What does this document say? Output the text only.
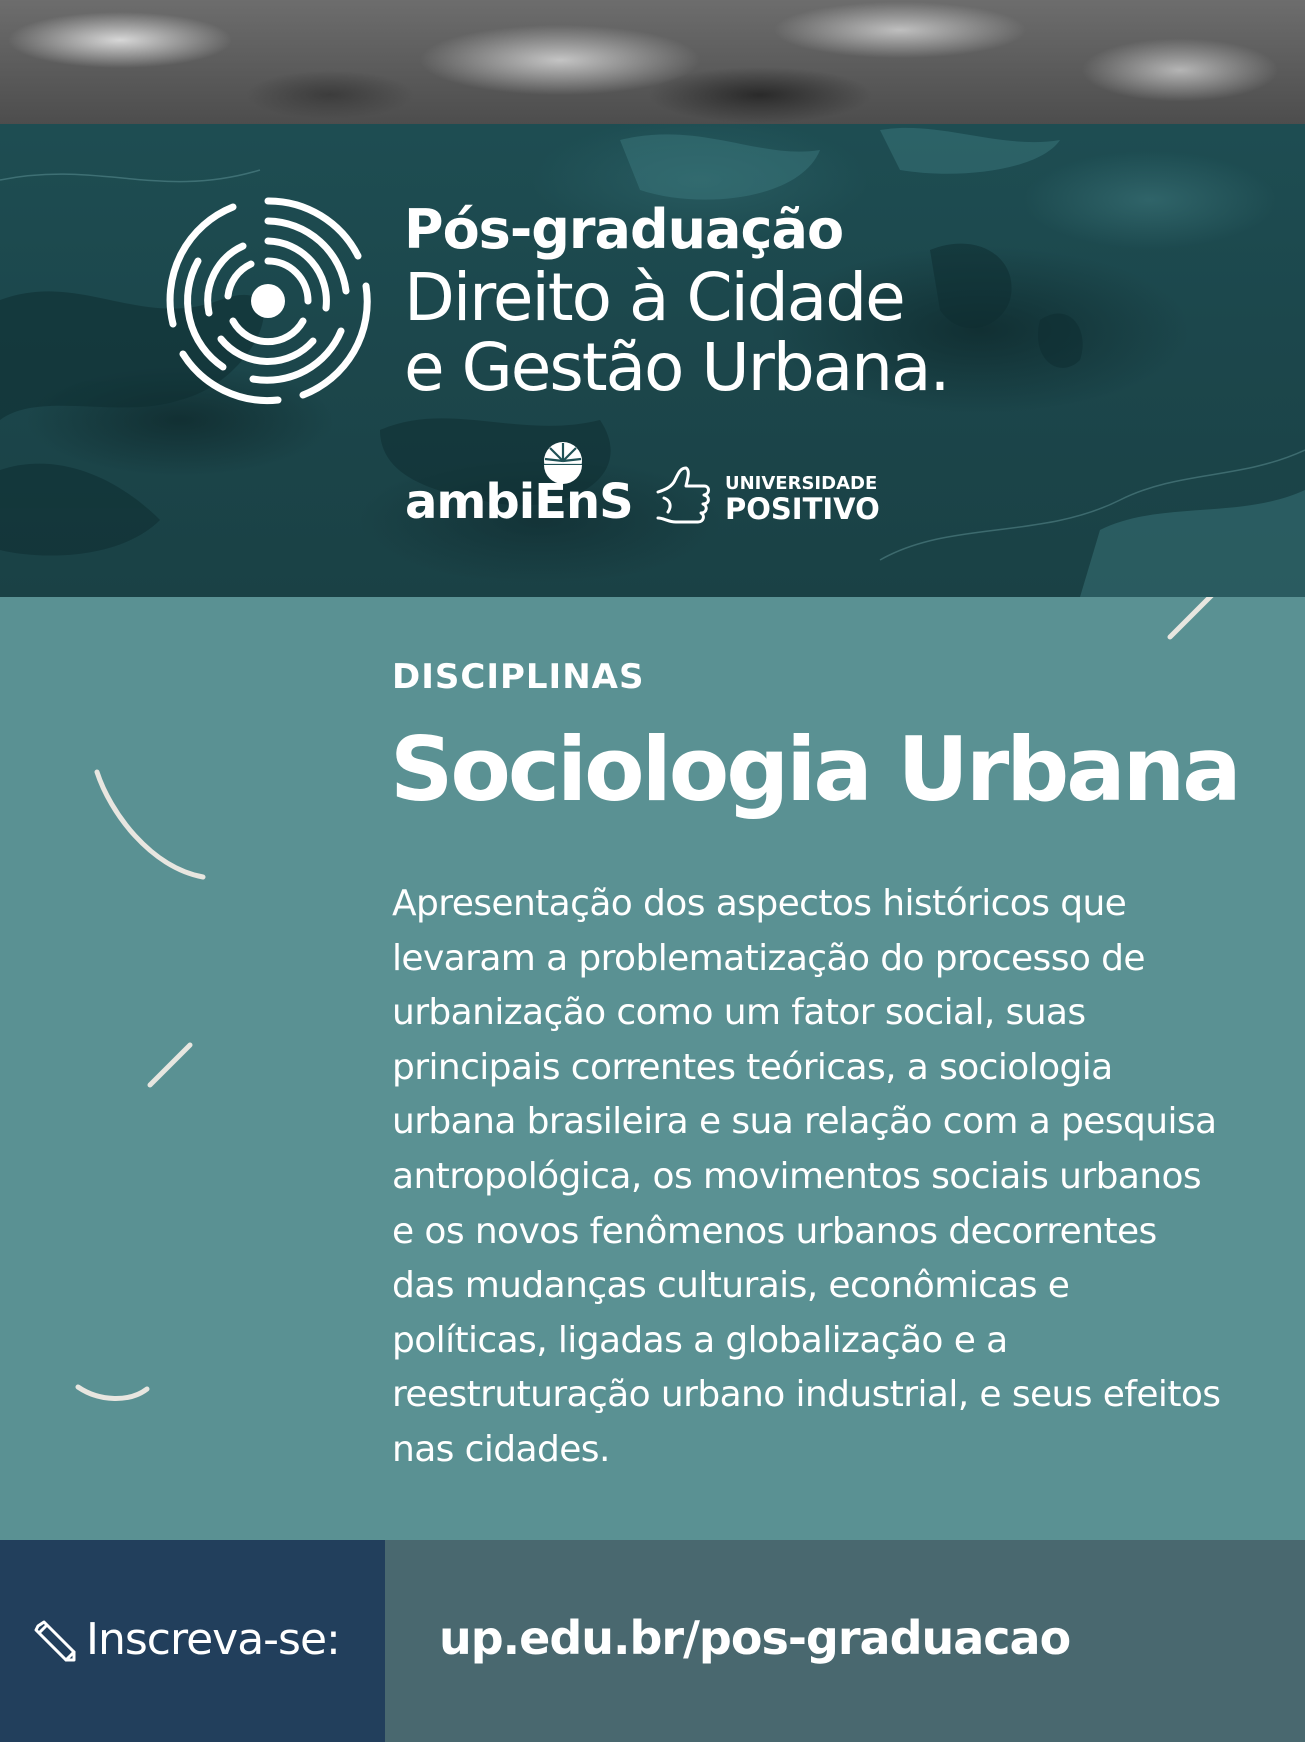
Pós-graduação
Direito à Cidade
e Gestão Urbana.
ambiEnS	UNIVERSIDADE
POSITIVO
DISCIPLINAS
Sociologia Urbana

Apresentação dos aspectos históricos que
levaram a problematização do processo de
urbanização como um fator social, suas
principais correntes teóricas, a sociologia
urbana brasileira e sua relação com a pesquisa
antropológica, os movimentos sociais urbanos
e os novos fenômenos urbanos decorrentes
das mudanças culturais, econômicas e
políticas, ligadas a globalização e a
reestruturação urbano industrial, e seus efeitos
nas cidades.

Inscreva-se: up.edu.br/pos-graduacao
